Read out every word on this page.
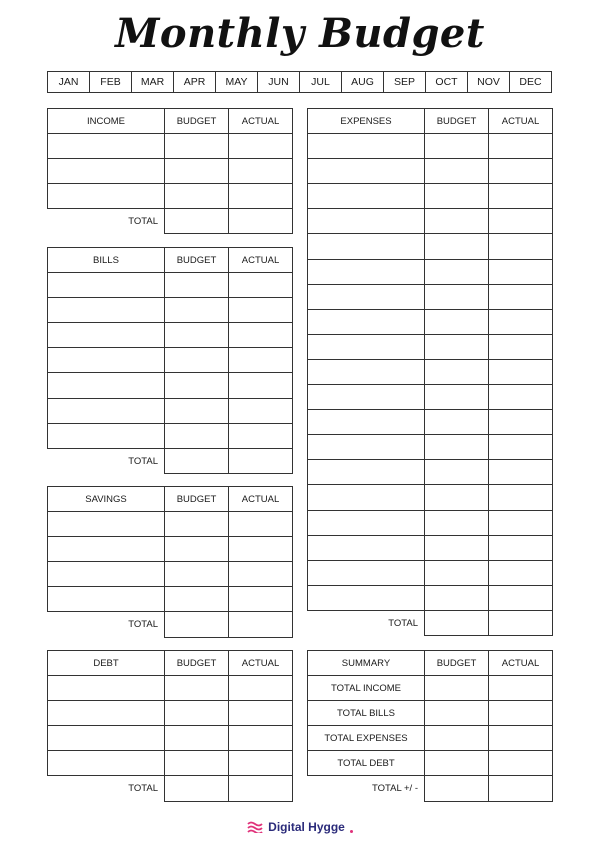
Monthly Budget
JAN	FEB	MAR	APR	MAY	JUN	JUL	AUG	SEP	OCT	NOV	DEC
INCOME	BUDGET	ACTUAL

TOTAL		
BILLS	BUDGET	ACTUAL

TOTAL		
SAVINGS	BUDGET	ACTUAL

TOTAL		
DEBT	BUDGET	ACTUAL

TOTAL		
EXPENSES	BUDGET	ACTUAL

TOTAL		
SUMMARY	BUDGET	ACTUAL
TOTAL INCOME		
TOTAL BILLS		
TOTAL EXPENSES		
TOTAL DEBT		
TOTAL +/ -		
Digital Hygge
